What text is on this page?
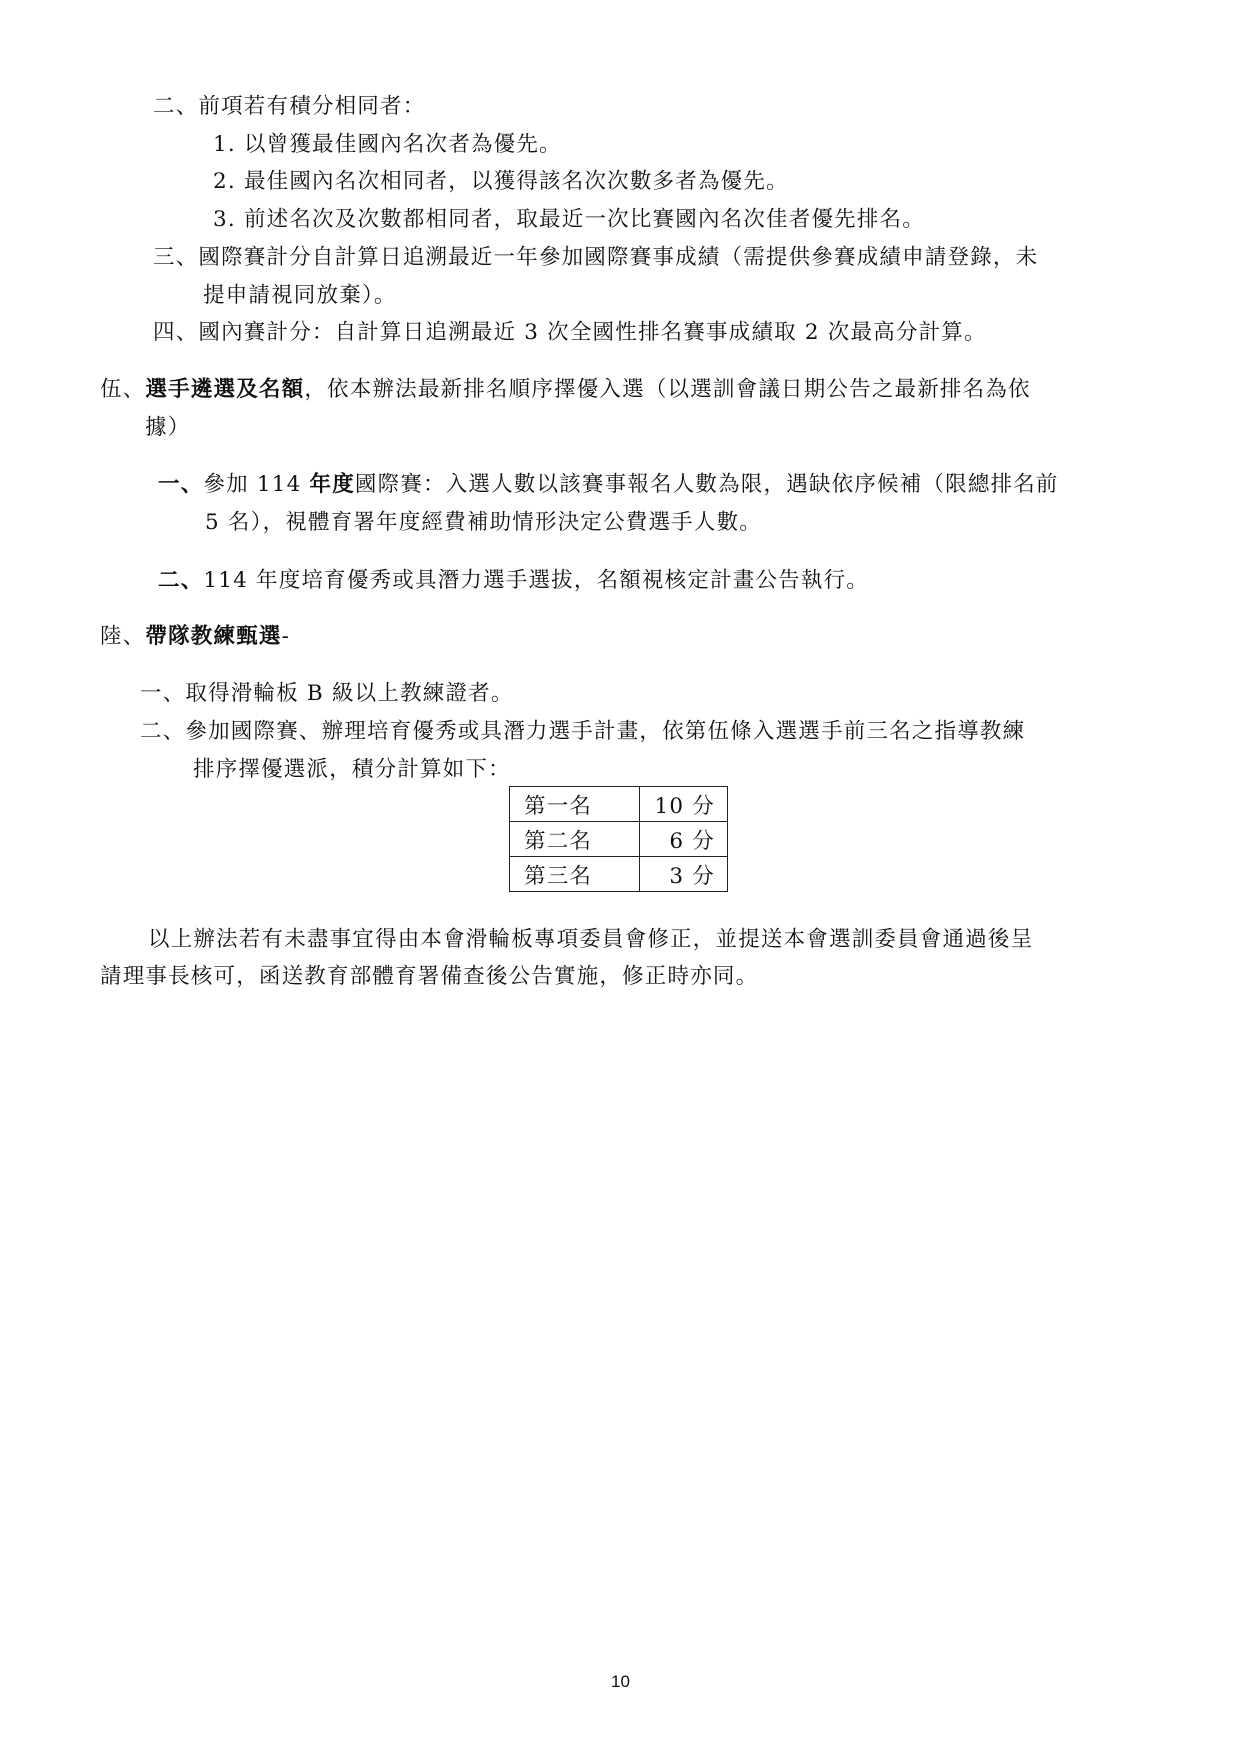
二、前項若有積分相同者：
1. 以曾獲最佳國內名次者為優先。
2. 最佳國內名次相同者，以獲得該名次次數多者為優先。
3. 前述名次及次數都相同者，取最近一次比賽國內名次佳者優先排名。
三、國際賽計分自計算日追溯最近一年參加國際賽事成績（需提供參賽成績申請登錄，未
提申請視同放棄）。
四、國內賽計分：自計算日追溯最近 3 次全國性排名賽事成績取 2 次最高分計算。
伍、選手遴選及名額，依本辦法最新排名順序擇優入選（以選訓會議日期公告之最新排名為依
據）
一、參加 114 年度國際賽：入選人數以該賽事報名人數為限，遇缺依序候補（限總排名前
5 名），視體育署年度經費補助情形決定公費選手人數。
二、114 年度培育優秀或具潛力選手選拔，名額視核定計畫公告執行。
陸、帶隊教練甄選-
一、取得滑輪板 B 級以上教練證者。
二、參加國際賽、辦理培育優秀或具潛力選手計畫，依第伍條入選選手前三名之指導教練
排序擇優選派，積分計算如下：
第一名	10 分
第二名	6 分
第三名	3 分
以上辦法若有未盡事宜得由本會滑輪板專項委員會修正，並提送本會選訓委員會通過後呈
請理事長核可，函送教育部體育署備查後公告實施，修正時亦同。
10
